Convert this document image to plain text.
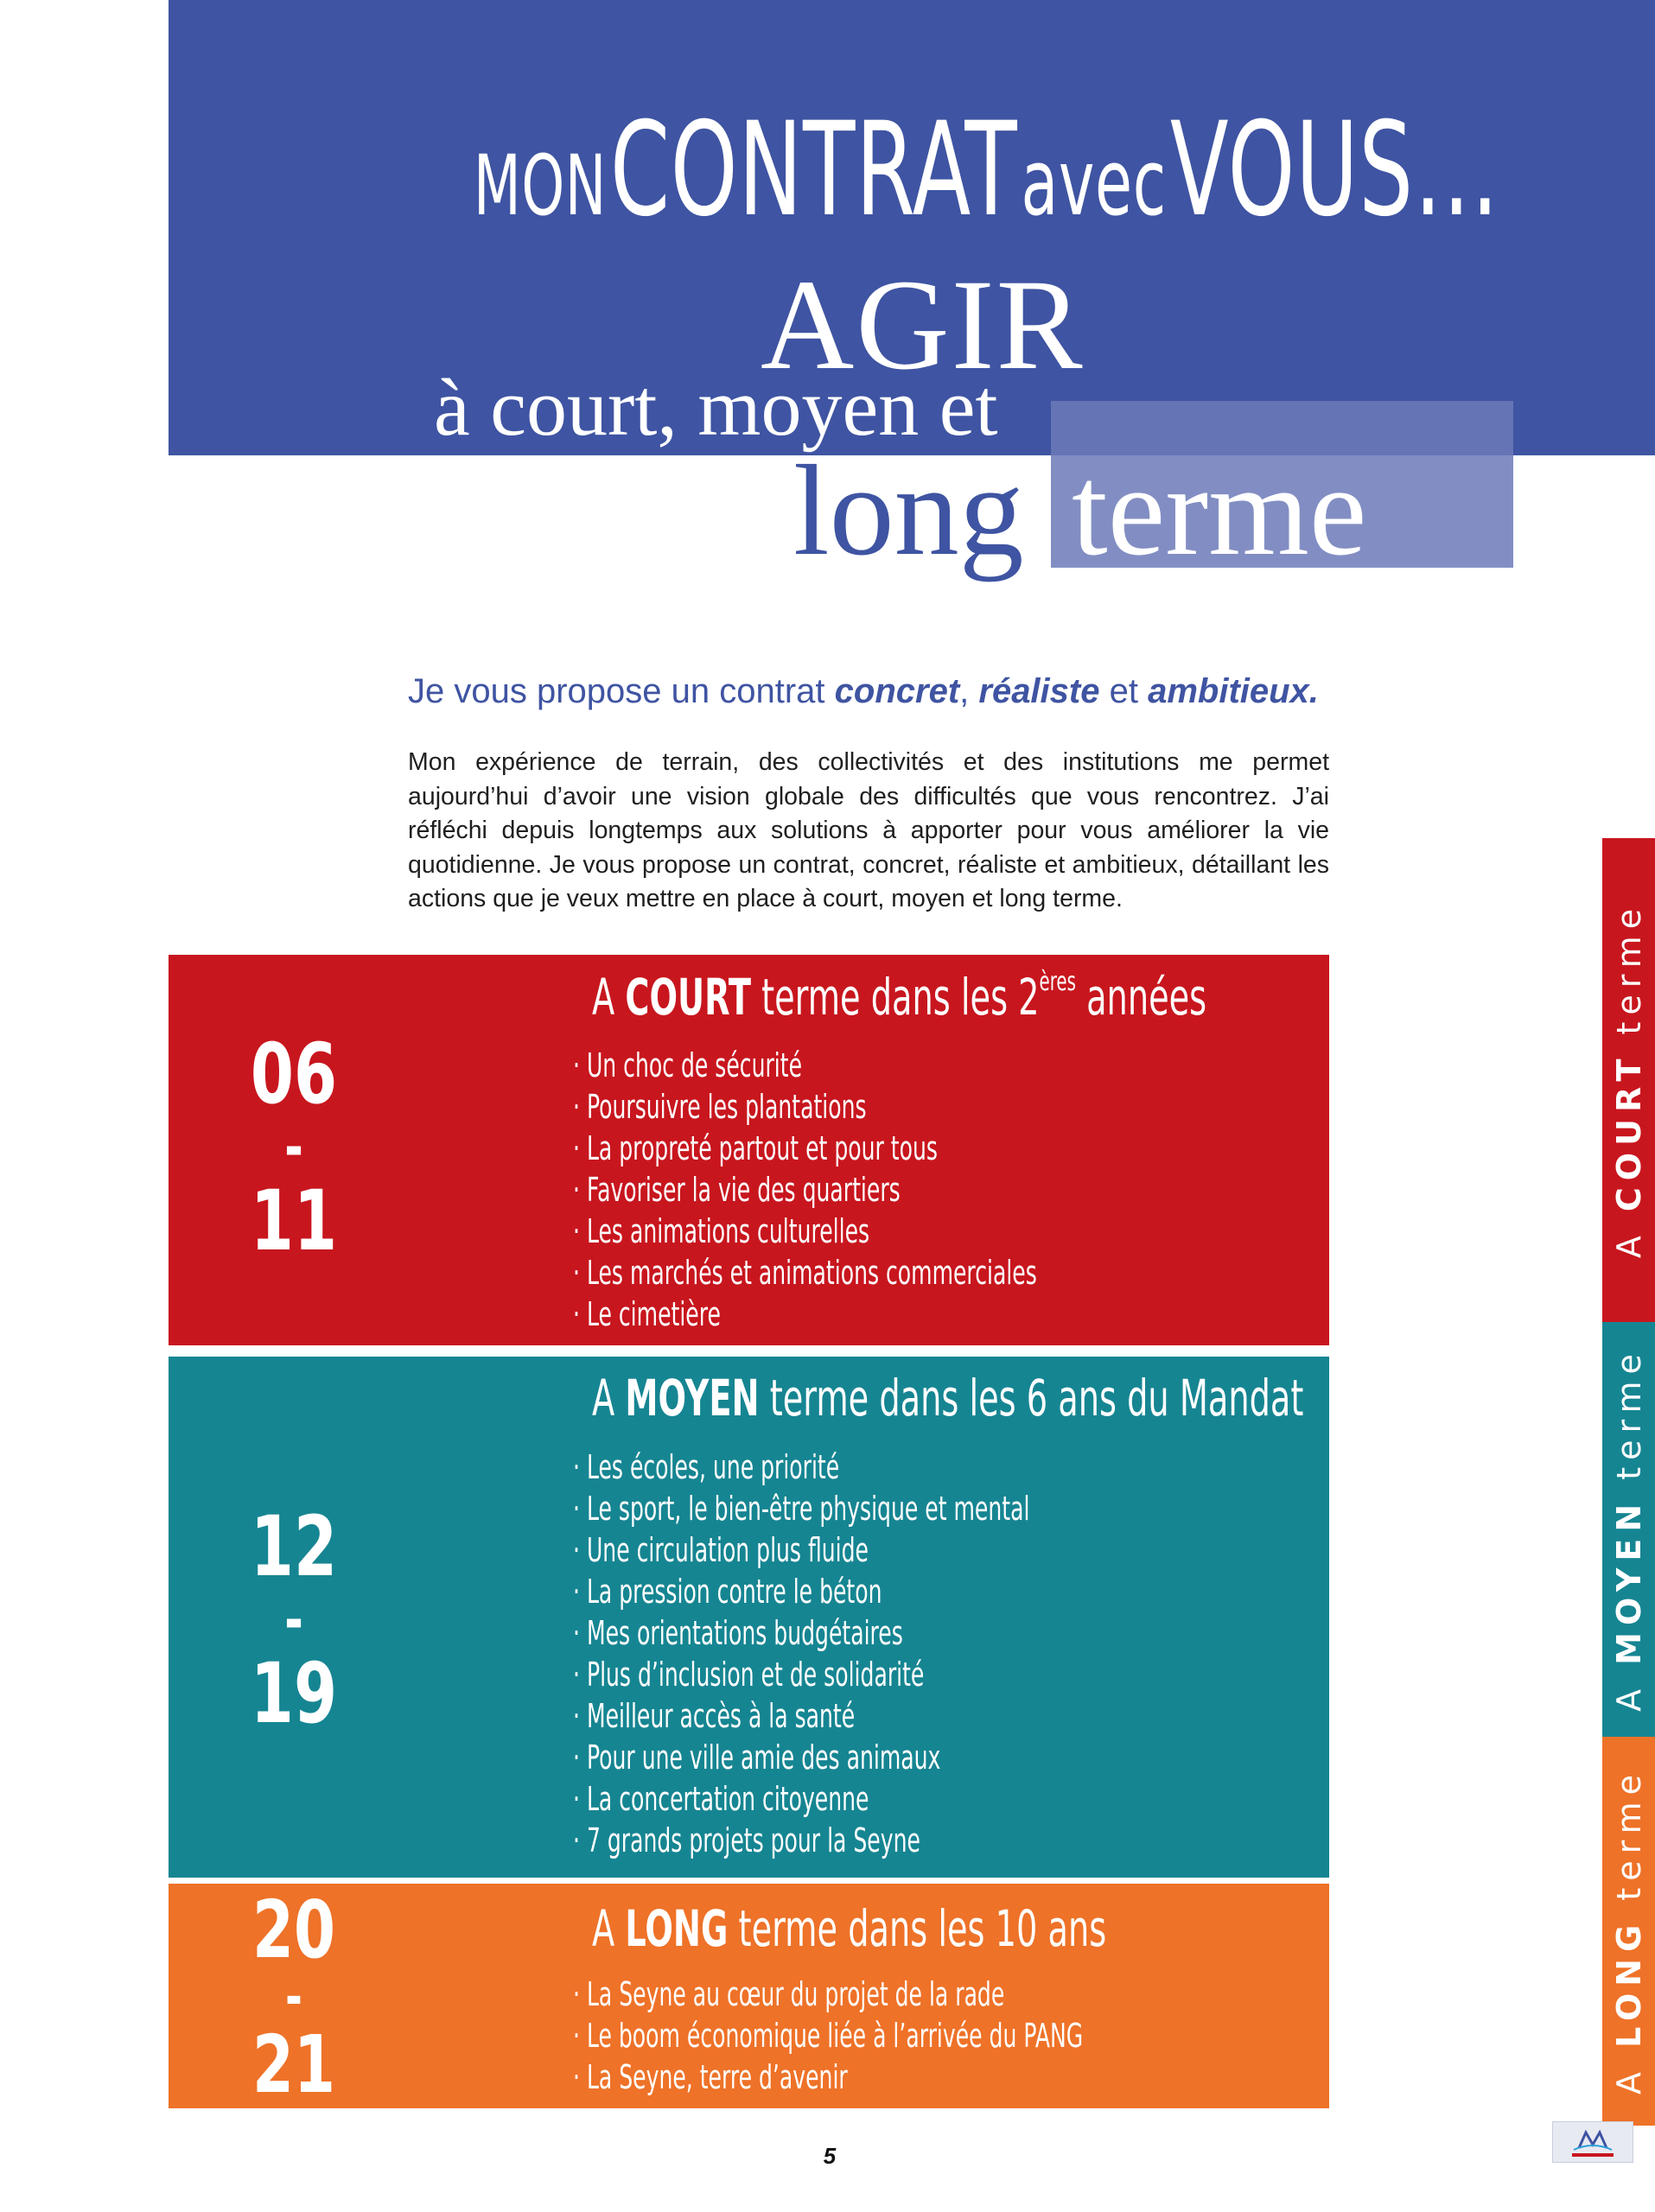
MON CONTRAT avec VOUS…
AGIR
à court, moyen et
long terme
Je vous propose un contrat concret, réaliste et ambitieux.
Mon expérience de terrain, des collectivités et des institutions me permet aujourd’hui d’avoir une vision globale des difficultés que vous rencontrez. J’ai réfléchi depuis longtemps aux solutions à apporter pour vous améliorer la vie quotidienne. Je vous propose un contrat, concret, réaliste et ambitieux, détaillant les actions que je veux mettre en place à court, moyen et long terme.
06
-
11
A COURT terme dans les 2ères années
· Un choc de sécurité
· Poursuivre les plantations
· La propreté partout et pour tous
· Favoriser la vie des quartiers
· Les animations culturelles
· Les marchés et animations commerciales
· Le cimetière
12
-
19
A MOYEN terme dans les 6 ans du Mandat
· Les écoles, une priorité
· Le sport, le bien-être physique et mental
· Une circulation plus fluide
· La pression contre le béton
· Mes orientations budgétaires
· Plus d’inclusion et de solidarité
· Meilleur accès à la santé
· Pour une ville amie des animaux
· La concertation citoyenne
· 7 grands projets pour la Seyne
20
-
21
A LONG terme dans les 10 ans
· La Seyne au cœur du projet de la rade
· Le boom économique liée à l’arrivée du PANG
· La Seyne, terre d’avenir
A COURT terme
A MOYEN terme
A LONG terme
5
